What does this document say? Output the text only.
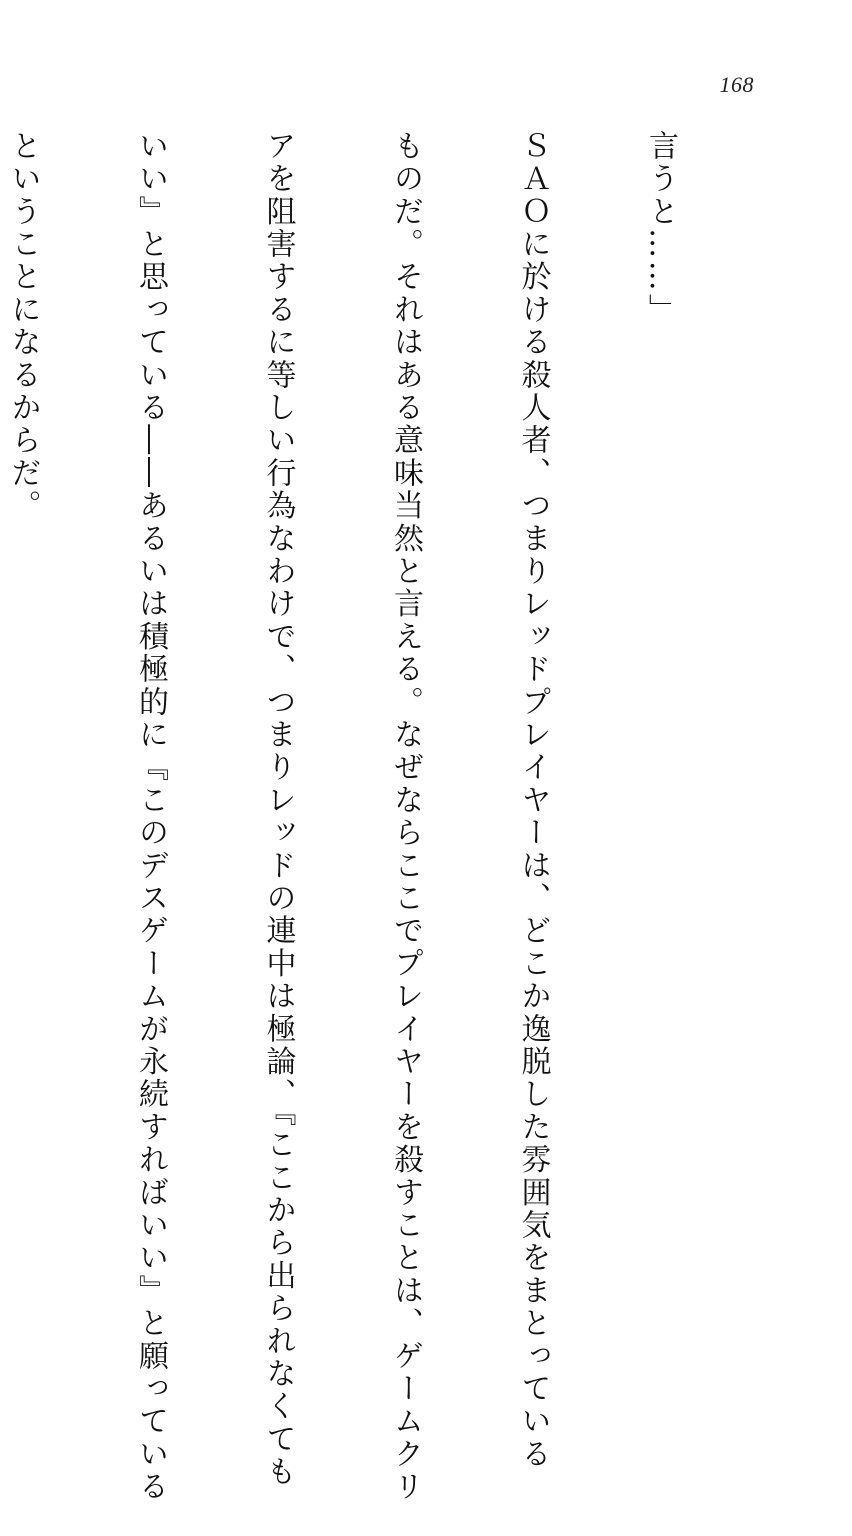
168

言うと……」

ＳＡＯに於ける殺人者、つまりレッドプレイヤーは、どこか逸脱した雰囲気をまとっている

ものだ。それはある意味当然と言える。なぜならここでプレイヤーを殺すことは、ゲームクリ

アを阻害するに等しい行為なわけで、つまりレッドの連中は極論、『ここから出られなくても

いい』と思っている――あるいは積極的に『このデスゲームが永続すればいい』と願っている

ということになるからだ。
